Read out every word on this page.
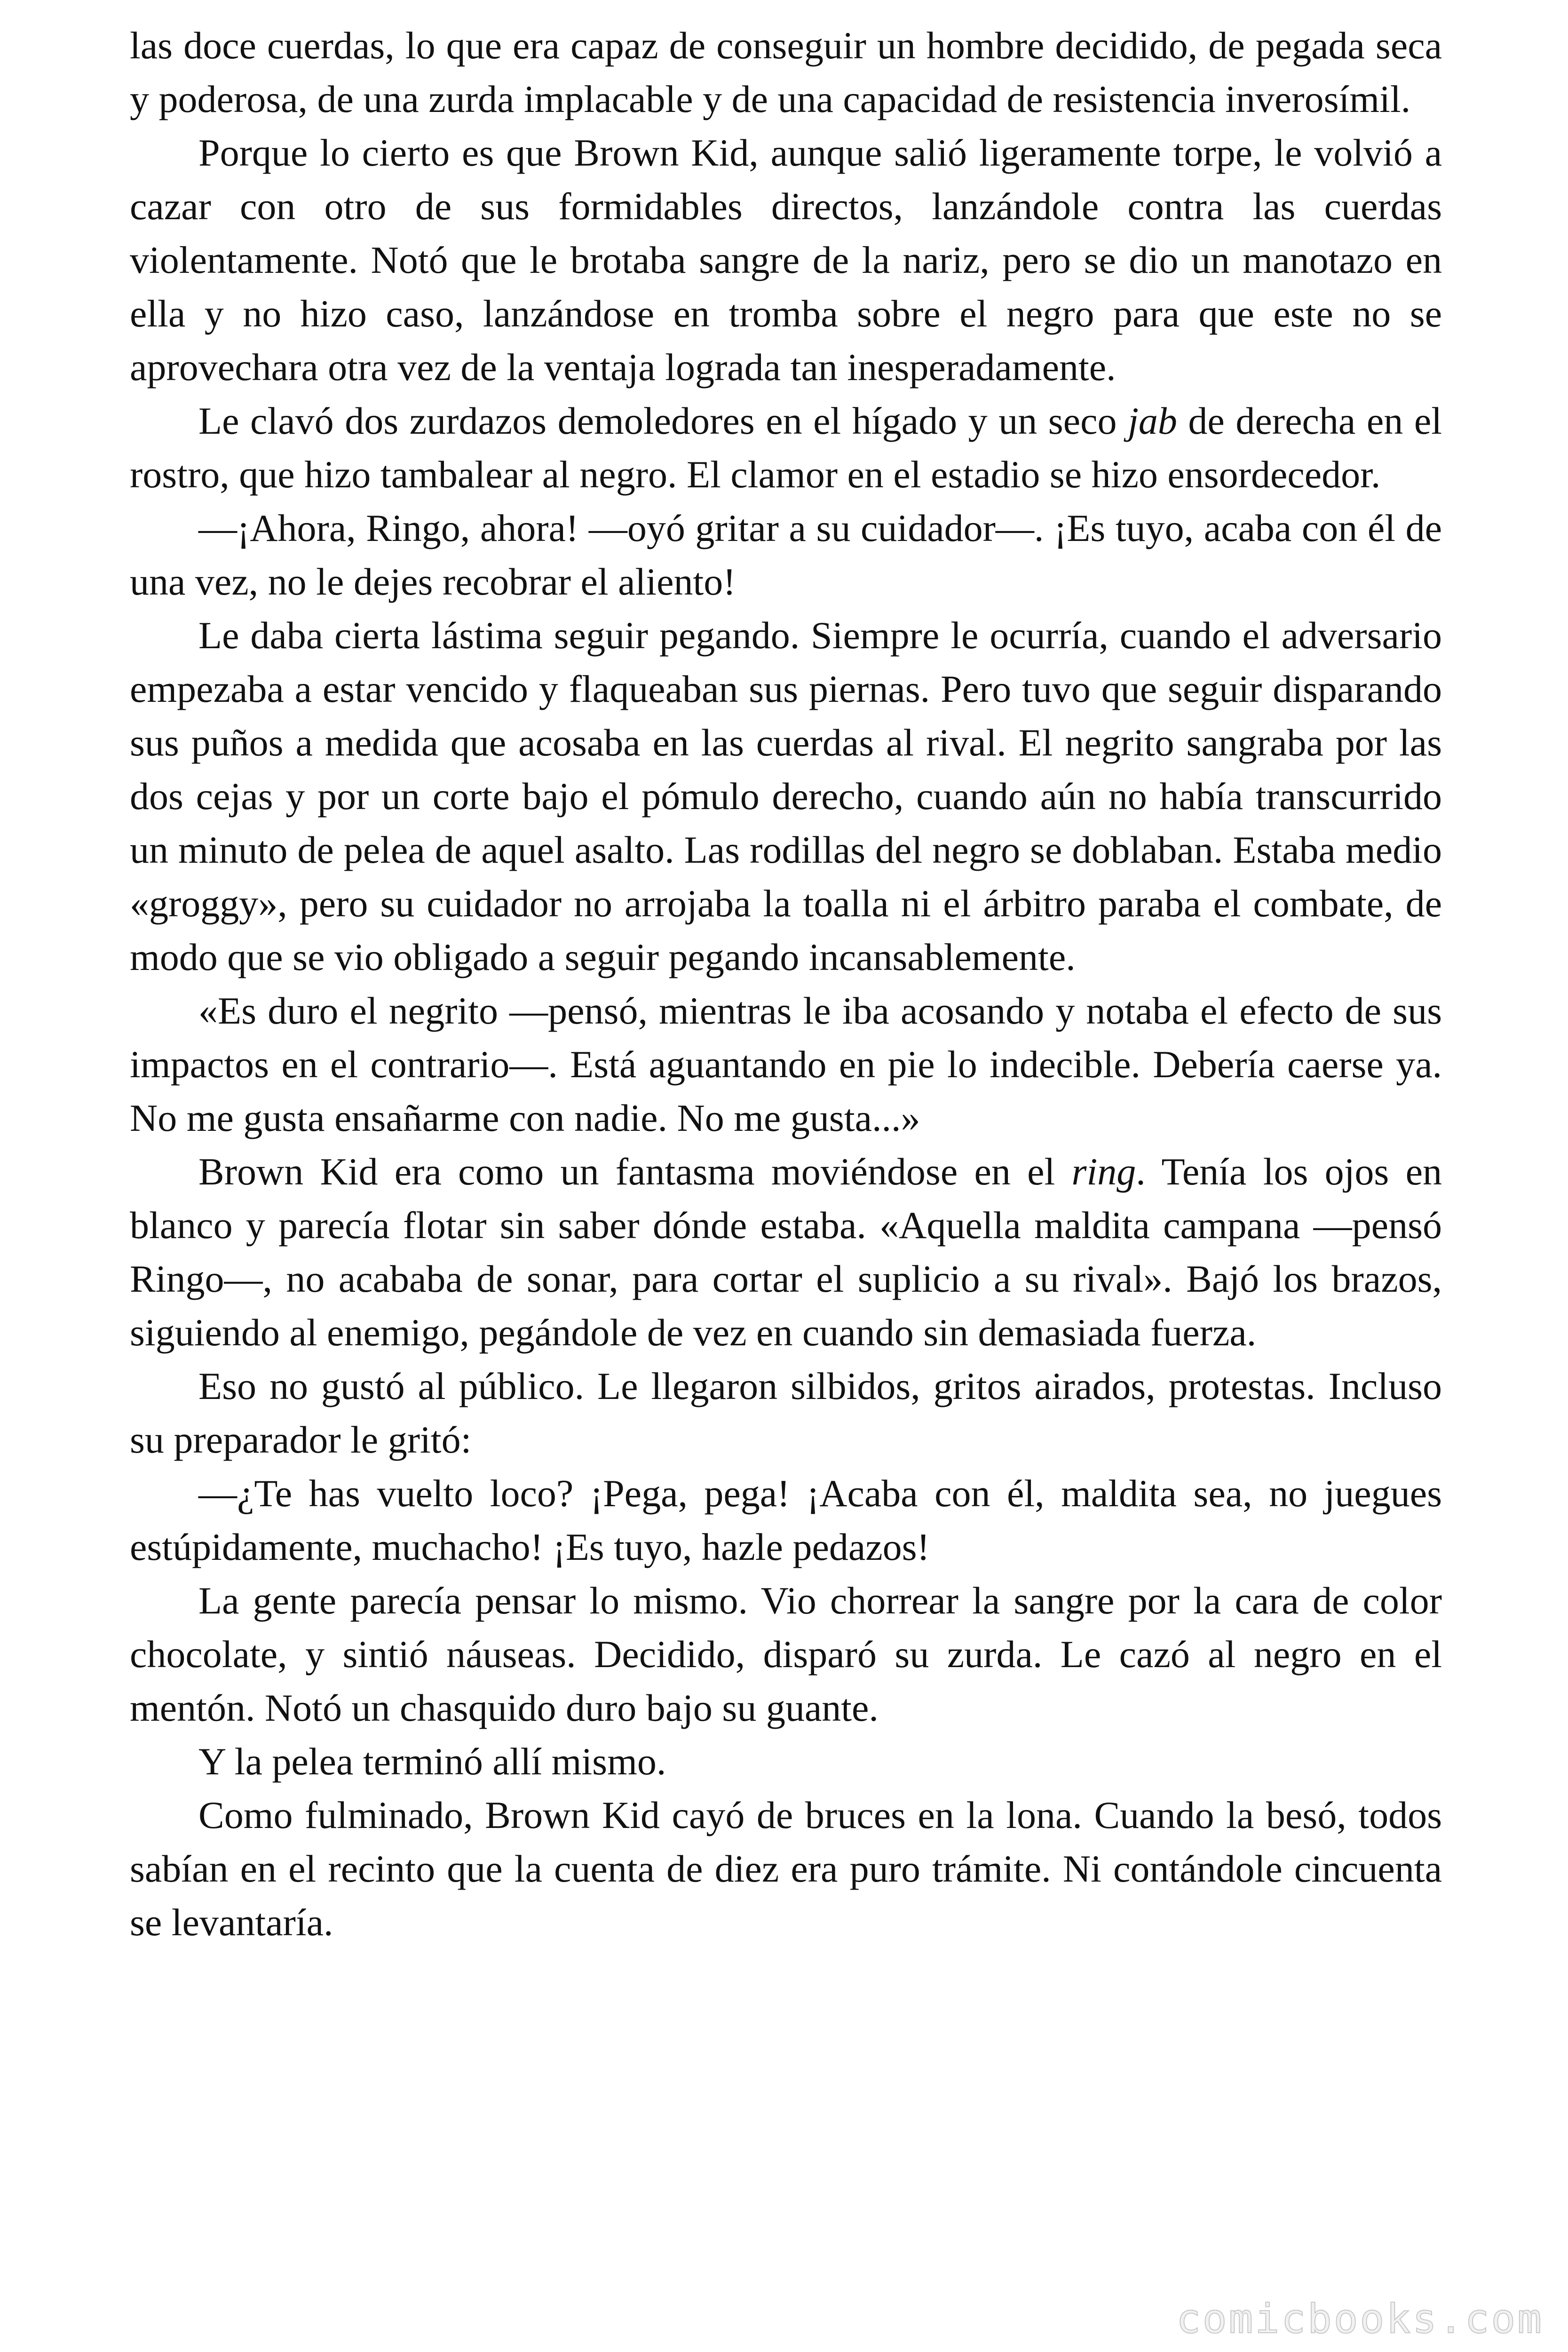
las doce cuerdas, lo que era capaz de conseguir un hombre decidido, de pegada seca y poderosa, de una zurda implacable y de una capacidad de resistencia inverosímil.

Porque lo cierto es que Brown Kid, aunque salió ligeramente torpe, le volvió a cazar con otro de sus formidables directos, lanzándole contra las cuerdas violentamente. Notó que le brotaba sangre de la nariz, pero se dio un manotazo en ella y no hizo caso, lanzándose en tromba sobre el negro para que este no se aprovechara otra vez de la ventaja lograda tan inesperadamente.

Le clavó dos zurdazos demoledores en el hígado y un seco jab de derecha en el rostro, que hizo tambalear al negro. El clamor en el estadio se hizo ensordecedor.

—¡Ahora, Ringo, ahora! —oyó gritar a su cuidador—. ¡Es tuyo, acaba con él de una vez, no le dejes recobrar el aliento!

Le daba cierta lástima seguir pegando. Siempre le ocurría, cuando el adversario empezaba a estar vencido y flaqueaban sus piernas. Pero tuvo que seguir disparando sus puños a medida que acosaba en las cuerdas al rival. El negrito sangraba por las dos cejas y por un corte bajo el pómulo derecho, cuando aún no había transcurrido un minuto de pelea de aquel asalto. Las rodillas del negro se doblaban. Estaba medio «groggy», pero su cuidador no arrojaba la toalla ni el árbitro paraba el combate, de modo que se vio obligado a seguir pegando incansablemente.

«Es duro el negrito —pensó, mientras le iba acosando y notaba el efecto de sus impactos en el contrario—. Está aguantando en pie lo indecible. Debería caerse ya. No me gusta ensañarme con nadie. No me gusta...»

Brown Kid era como un fantasma moviéndose en el ring. Tenía los ojos en blanco y parecía flotar sin saber dónde estaba. «Aquella maldita campana —pensó Ringo—, no acababa de sonar, para cortar el suplicio a su rival». Bajó los brazos, siguiendo al enemigo, pegándole de vez en cuando sin demasiada fuerza.

Eso no gustó al público. Le llegaron silbidos, gritos airados, protestas. Incluso su preparador le gritó:

—¿Te has vuelto loco? ¡Pega, pega! ¡Acaba con él, maldita sea, no juegues estúpidamente, muchacho! ¡Es tuyo, hazle pedazos!

La gente parecía pensar lo mismo. Vio chorrear la sangre por la cara de color chocolate, y sintió náuseas. Decidido, disparó su zurda. Le cazó al negro en el mentón. Notó un chasquido duro bajo su guante.

Y la pelea terminó allí mismo.

Como fulminado, Brown Kid cayó de bruces en la lona. Cuando la besó, todos sabían en el recinto que la cuenta de diez era puro trámite. Ni contándole cincuenta se levantaría.

comicbooks.com
